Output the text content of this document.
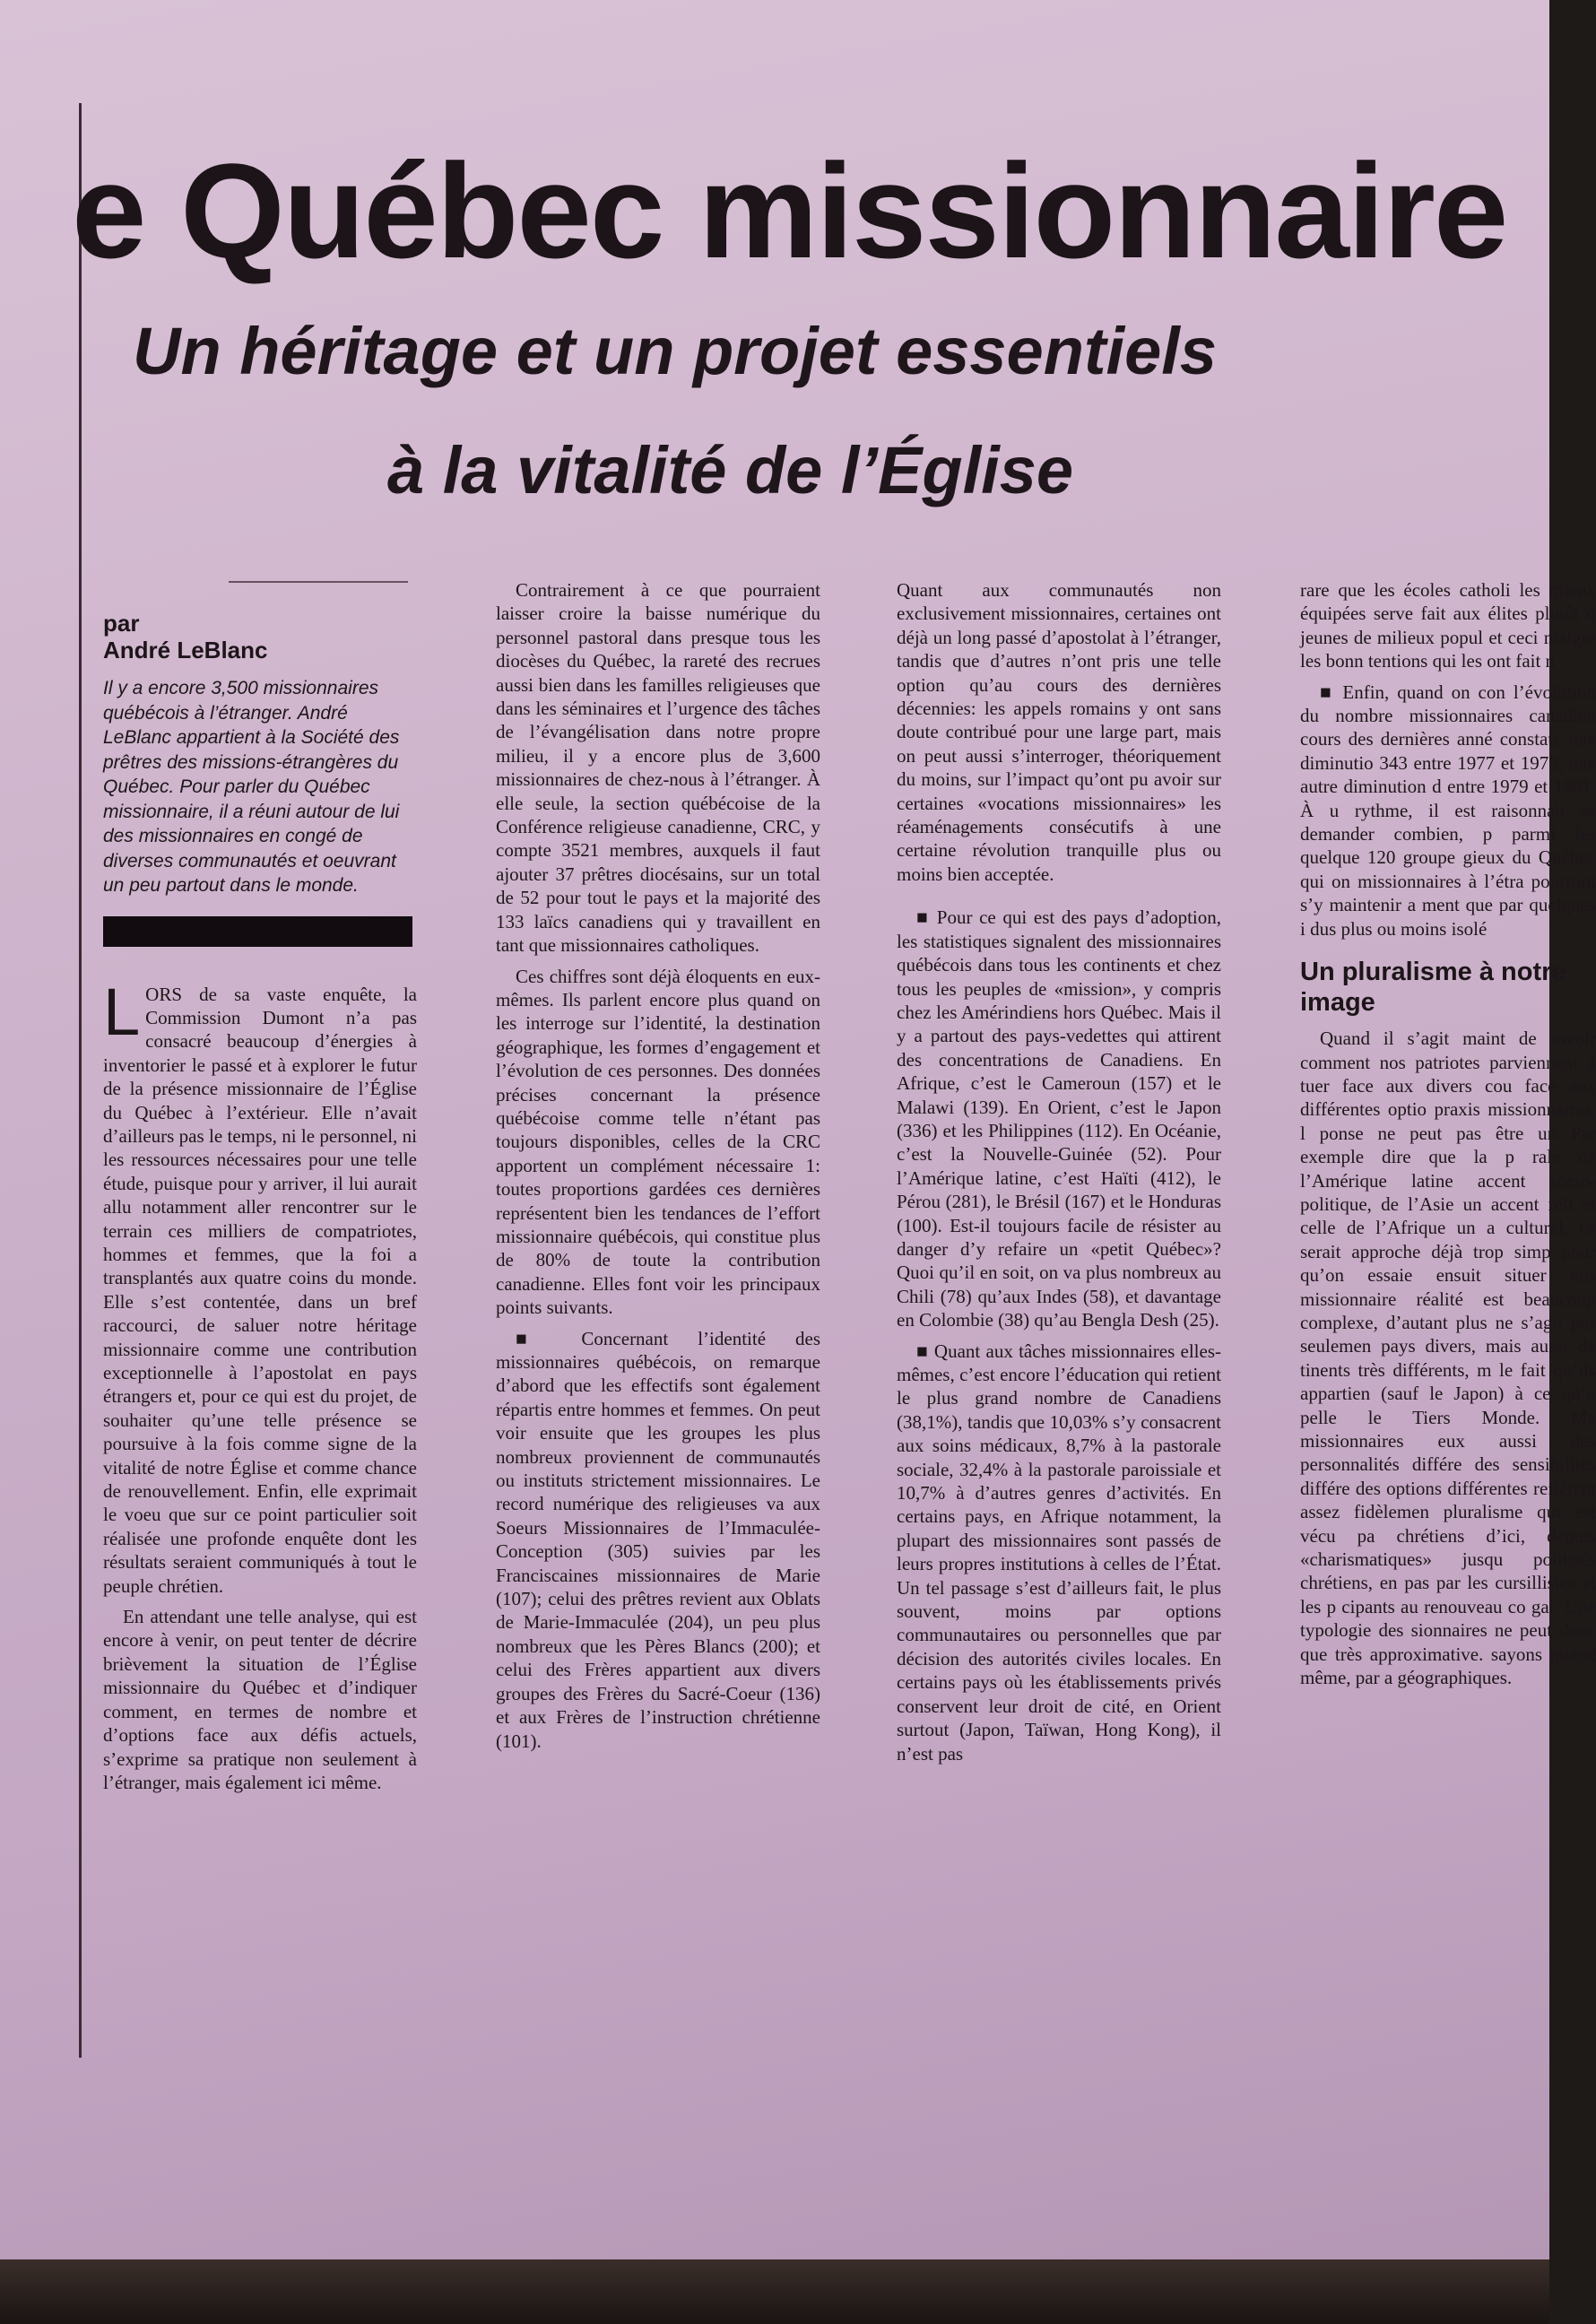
e Québec missionnaire
Un héritage et un projet essentiels
à la vitalité de l’Église
par
André LeBlanc
Il y a encore 3,500 missionnaires québécois à l’étranger. André LeBlanc appartient à la Société des prêtres des missions-étrangères du Québec. Pour parler du Québec missionnaire, il a réuni autour de lui des missionnaires en congé de diverses communautés et oeuvrant un peu partout dans le monde.

LORS de sa vaste enquête, la Commission Dumont n’a pas consacré beaucoup d’énergies à inventorier le passé et à explorer le futur de la présence missionnaire de l’Église du Québec à l’extérieur. Elle n’avait d’ailleurs pas le temps, ni le personnel, ni les ressources nécessaires pour une telle étude, puisque pour y arriver, il lui aurait allu notamment aller rencontrer sur le terrain ces milliers de compatriotes, hommes et femmes, que la foi a transplantés aux quatre coins du monde. Elle s’est contentée, dans un bref raccourci, de saluer notre héritage missionnaire comme une contribution exceptionnelle à l’apostolat en pays étrangers et, pour ce qui est du projet, de souhaiter qu’une telle présence se poursuive à la fois comme signe de la vitalité de notre Église et comme chance de renouvellement. Enfin, elle exprimait le voeu que sur ce point particulier soit réalisée une profonde enquête dont les résultats seraient communiqués à tout le peuple chrétien.

En attendant une telle analyse, qui est encore à venir, on peut tenter de décrire brièvement la situation de l’Église missionnaire du Québec et d’indiquer comment, en termes de nombre et d’options face aux défis actuels, s’exprime sa pratique non seulement à l’étranger, mais également ici même.

Contrairement à ce que pourraient laisser croire la baisse numérique du personnel pastoral dans presque tous les diocèses du Québec, la rareté des recrues aussi bien dans les familles religieuses que dans les séminaires et l’urgence des tâches de l’évangélisation dans notre propre milieu, il y a encore plus de 3,600 missionnaires de chez-nous à l’étranger. À elle seule, la section québécoise de la Conférence religieuse canadienne, CRC, y compte 3521 membres, auxquels il faut ajouter 37 prêtres diocésains, sur un total de 52 pour tout le pays et la majorité des 133 laïcs canadiens qui y travaillent en tant que missionnaires catholiques.

Ces chiffres sont déjà éloquents en eux-mêmes. Ils parlent encore plus quand on les interroge sur l’identité, la destination géographique, les formes d’engagement et l’évolution de ces personnes. Des données précises concernant la présence québécoise comme telle n’étant pas toujours disponibles, celles de la CRC apportent un complément nécessaire 1: toutes proportions gardées ces dernières représentent bien les tendances de l’effort missionnaire québécois, qui constitue plus de 80% de toute la contribution canadienne. Elles font voir les principaux points suivants.

■ Concernant l’identité des missionnaires québécois, on remarque d’abord que les effectifs sont également répartis entre hommes et femmes. On peut voir ensuite que les groupes les plus nombreux proviennent de communautés ou instituts strictement missionnaires. Le record numérique des religieuses va aux Soeurs Missionnaires de l’Immaculée-Conception (305) suivies par les Franciscaines missionnaires de Marie (107); celui des prêtres revient aux Oblats de Marie-Immaculée (204), un peu plus nombreux que les Pères Blancs (200); et celui des Frères appartient aux divers groupes des Frères du Sacré-Coeur (136) et aux Frères de l’instruction chrétienne (101).

Quant aux communautés non exclusivement missionnaires, certaines ont déjà un long passé d’apostolat à l’étranger, tandis que d’autres n’ont pris une telle option qu’au cours des dernières décennies: les appels romains y ont sans doute contribué pour une large part, mais on peut aussi s’interroger, théoriquement du moins, sur l’impact qu’ont pu avoir sur certaines «vocations missionnaires» les réaménagements consécutifs à une certaine révolution tranquille plus ou moins bien acceptée.

■ Pour ce qui est des pays d’adoption, les statistiques signalent des missionnaires québécois dans tous les continents et chez tous les peuples de «mission», y compris chez les Amérindiens hors Québec. Mais il y a partout des pays-vedettes qui attirent des concentrations de Canadiens. En Afrique, c’est le Cameroun (157) et le Malawi (139). En Orient, c’est le Japon (336) et les Philippines (112). En Océanie, c’est la Nouvelle-Guinée (52). Pour l’Amérique latine, c’est Haïti (412), le Pérou (281), le Brésil (167) et le Honduras (100). Est-il toujours facile de résister au danger d’y refaire un «petit Québec»? Quoi qu’il en soit, on va plus nombreux au Chili (78) qu’aux Indes (58), et davantage en Colombie (38) qu’au Bengla Desh (25).

■ Quant aux tâches missionnaires elles-mêmes, c’est encore l’éducation qui retient le plus grand nombre de Canadiens (38,1%), tandis que 10,03% s’y consacrent aux soins médicaux, 8,7% à la pastorale sociale, 32,4% à la pastorale paroissiale et 10,7% à d’autres genres d’activités. En certains pays, en Afrique notamment, la plupart des missionnaires sont passés de leurs propres institutions à celles de l’État. Un tel passage s’est d’ailleurs fait, le plus souvent, moins par options communautaires ou personnelles que par décision des autorités civiles locales. En certains pays où les établissements privés conservent leur droit de cité, en Orient surtout (Japon, Taïwan, Hong Kong), il n’est pas

rare que les écoles catholi les mieux équipées serve fait aux élites plutôt q jeunes de milieux popul et ceci malgré les bonn tentions qui les ont fait n

■ Enfin, quand on con l’évolution du nombre missionnaires canadien cours des dernières anné constate une diminutio 343 entre 1977 et 1979, une autre diminution d entre 1979 et 1981. À u rythme, il est raisonnab se demander combien, p parmi les quelque 120 groupe gieux du Québec qui on missionnaires à l’étra pourront s’y maintenir a ment que par quelques i dus plus ou moins isolé

Un pluralisme à notre image

Quand il s’agit maint de savoir comment nos patriotes parviennent à tuer face aux divers cou face aux différentes optio praxis missionnaires, l ponse ne peut pas être un Par exemple dire que la p rale de l’Amérique latine accent socio-politique, de l’Asie un accent reli et celle de l’Afrique un a culturel, ce serait approche déjà trop simp pour qu’on essaie ensuit situer nos missionnaire réalité est beaucoup complexe, d’autant plus ne s’agit pas seulemen pays divers, mais aussi de tinents très différents, m le fait qu’ils appartien (sauf le Japon) à ce qu’o pelle le Tiers Monde. Ma missionnaires eux aussi des personnalités différe des sensibilités différe des options différentes reflètent assez fidèlemen pluralisme qui est vécu pa chrétiens d’ici, depuis «charismatiques» jusqu politisés chrétiens, en pas par les cursillistes et les p cipants au renouveau co gal. Une typologie des sionnaires ne peut donc que très approximative. sayons quand même, par a géographiques.
